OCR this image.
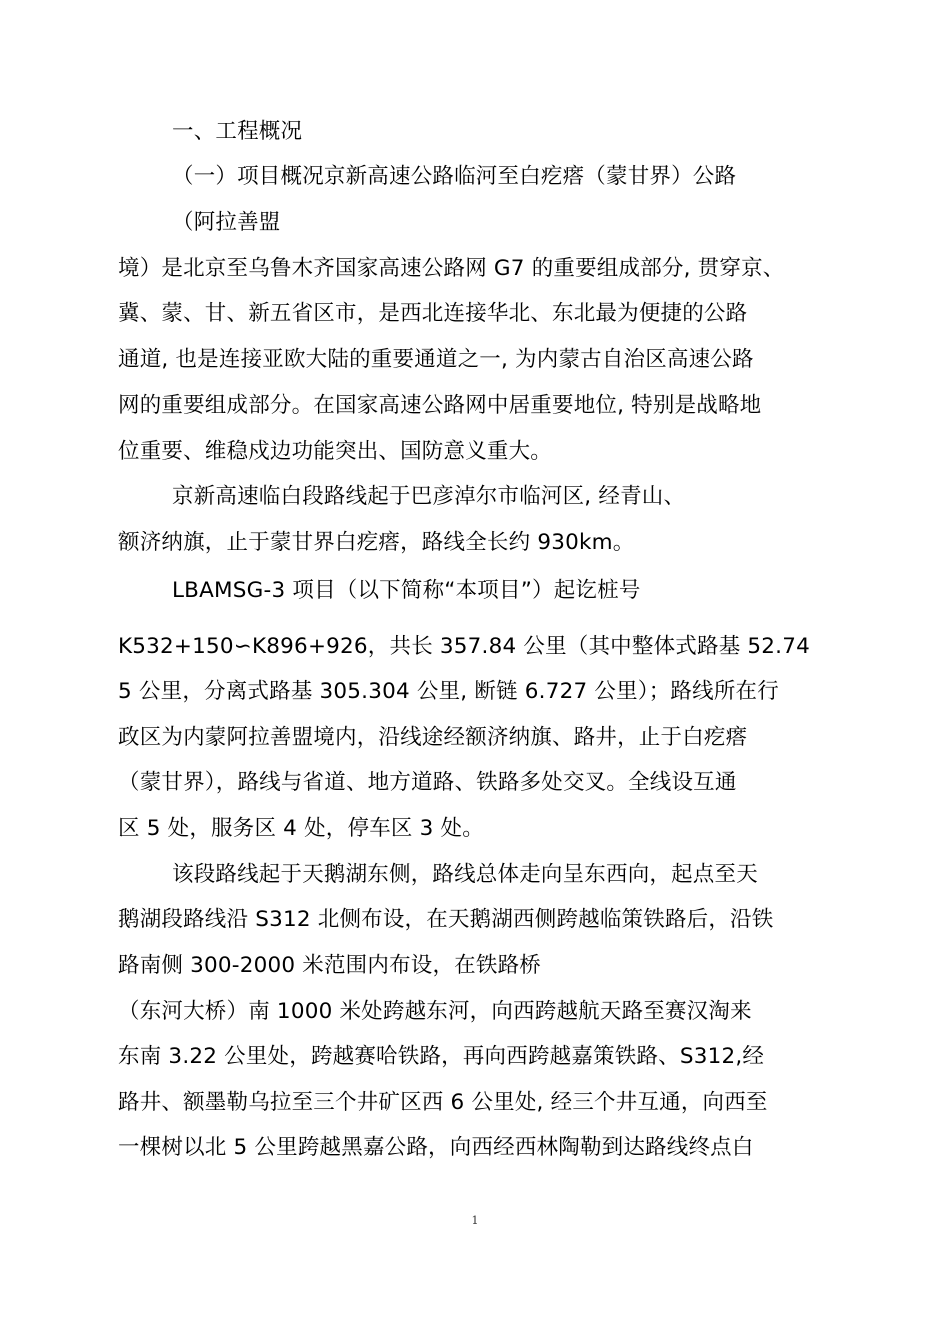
一、工程概况
（一）项目概况京新高速公路临河至白疙瘩（蒙甘界）公路
（阿拉善盟
境）是北京至乌鲁木齐国家高速公路网 G7 的重要组成部分, 贯穿京、
冀、蒙、甘、新五省区市，是西北连接华北、东北最为便捷的公路
通道, 也是连接亚欧大陆的重要通道之一, 为内蒙古自治区高速公路
网的重要组成部分。在国家高速公路网中居重要地位, 特别是战略地
位重要、维稳戍边功能突出、国防意义重大。
京新高速临白段路线起于巴彦淖尔市临河区, 经青山、
额济纳旗，止于蒙甘界白疙瘩，路线全长约 930km。
LBAMSG-3 项目（以下简称“本项目”）起讫桩号
K532+150∽K896+926，共长 357.84 公里（其中整体式路基 52.74
5 公里，分离式路基 305.304 公里, 断链 6.727 公里）；路线所在行
政区为内蒙阿拉善盟境内，沿线途经额济纳旗、路井，止于白疙瘩
（蒙甘界），路线与省道、地方道路、铁路多处交叉。全线设互通
区 5 处，服务区 4 处，停车区 3 处。
该段路线起于天鹅湖东侧，路线总体走向呈东西向，起点至天
鹅湖段路线沿 S312 北侧布设，在天鹅湖西侧跨越临策铁路后，沿铁
路南侧 300-2000 米范围内布设，在铁路桥
（东河大桥）南 1000 米处跨越东河，向西跨越航天路至赛汉淘来
东南 3.22 公里处，跨越赛哈铁路，再向西跨越嘉策铁路、S312,经
路井、额墨勒乌拉至三个井矿区西 6 公里处, 经三个井互通，向西至
一棵树以北 5 公里跨越黑嘉公路，向西经西林陶勒到达路线终点白
1
